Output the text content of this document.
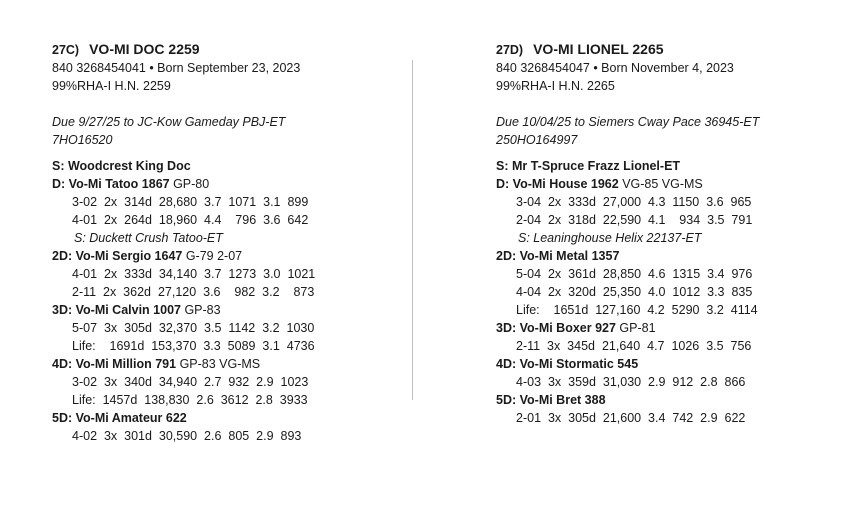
27C) VO-MI DOC 2259
840 3268454041 • Born September 23, 2023
99%RHA-I H.N. 2259
Due 9/27/25 to JC-Kow Gameday PBJ-ET
7HO16520
S: Woodcrest King Doc
D: Vo-Mi Tatoo 1867 GP-80
3-02  2x  314d  28,680  3.7  1071  3.1  899
4-01  2x  264d  18,960  4.4    796  3.6  642
S: Duckett Crush Tatoo-ET
2D: Vo-Mi Sergio 1647 G-79 2-07
4-01  2x  333d  34,140  3.7  1273  3.0  1021
2-11  2x  362d  27,120  3.6    982  3.2    873
3D: Vo-Mi Calvin 1007 GP-83
5-07  3x  305d  32,370  3.5  1142  3.2  1030
Life:    1691d  153,370  3.3  5089  3.1  4736
4D: Vo-Mi Million 791 GP-83 VG-MS
3-02  3x  340d  34,940  2.7  932  2.9  1023
Life:  1457d  138,830  2.6  3612  2.8  3933
5D: Vo-Mi Amateur 622
4-02  3x  301d  30,590  2.6  805  2.9  893
27D) VO-MI LIONEL 2265
840 3268454047 • Born November 4, 2023
99%RHA-I H.N. 2265
Due 10/04/25 to Siemers Cway Pace 36945-ET
250HO164997
S: Mr T-Spruce Frazz Lionel-ET
D: Vo-Mi House 1962 VG-85 VG-MS
3-04  2x  333d  27,000  4.3  1150  3.6  965
2-04  2x  318d  22,590  4.1    934  3.5  791
S: Leaninghouse Helix 22137-ET
2D: Vo-Mi Metal 1357
5-04  2x  361d  28,850  4.6  1315  3.4  976
4-04  2x  320d  25,350  4.0  1012  3.3  835
Life:    1651d  127,160  4.2  5290  3.2  4114
3D: Vo-Mi Boxer 927 GP-81
2-11  3x  345d  21,640  4.7  1026  3.5  756
4D: Vo-Mi Stormatic 545
4-03  3x  359d  31,030  2.9  912  2.8  866
5D: Vo-Mi Bret 388
2-01  3x  305d  21,600  3.4  742  2.9  622
